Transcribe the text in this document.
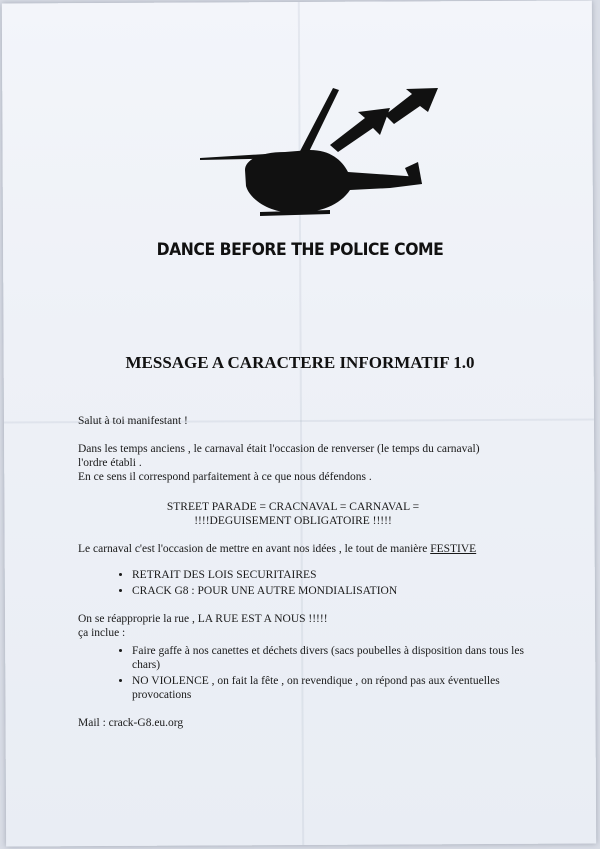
DANCE BEFORE THE POLICE COME
MESSAGE A CARACTERE INFORMATIF 1.0

Salut à toi manifestant !

Dans les temps anciens , le carnaval était l'occasion de renverser (le temps du carnaval)

l'ordre établi .

En ce sens il correspond parfaitement à ce que nous défendons .

STREET PARADE = CRACNAVAL = CARNAVAL =

!!!!DEGUISEMENT OBLIGATOIRE !!!!!

Le carnaval c'est l'occasion de mettre en avant nos idées , le tout de manière FESTIVE

• RETRAIT DES LOIS SECURITAIRES
• CRACK G8 : POUR UNE AUTRE MONDIALISATION

On se réapproprie la rue , LA RUE EST A NOUS !!!!!

ça inclue :

• Faire gaffe à nos canettes et déchets divers (sacs poubelles à disposition dans tous les chars)
• NO VIOLENCE , on fait la fête , on revendique , on répond pas aux éventuelles provocations

Mail : crack-G8.eu.org
